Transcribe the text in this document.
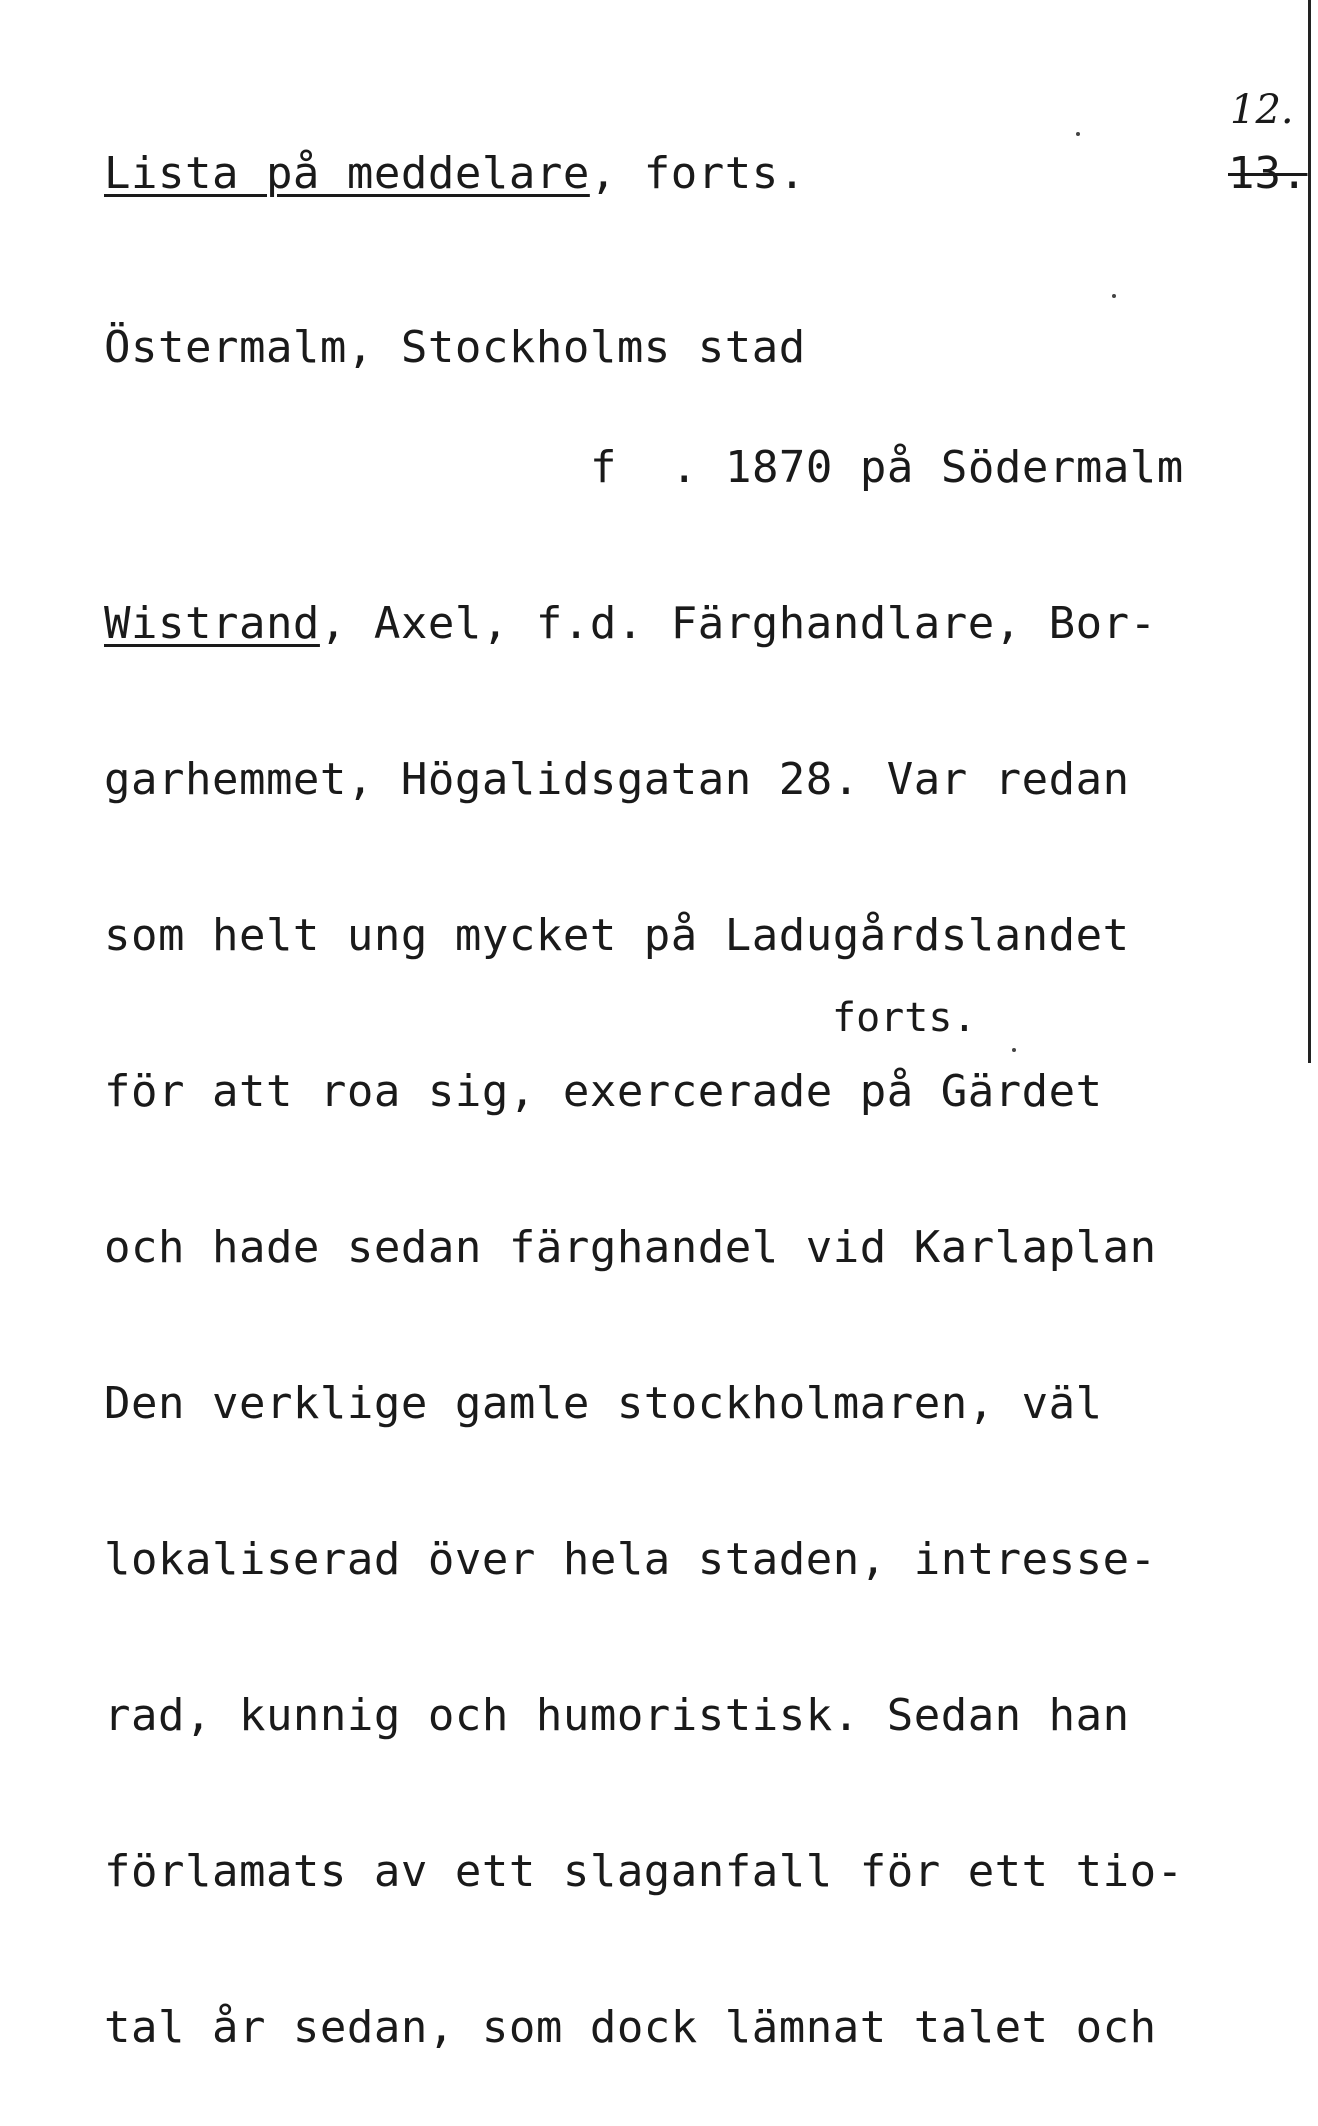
12.
13.
Lista på meddelare, forts.
Östermalm, Stockholms stad
f  . 1870 på Södermalm

Wistrand, Axel, f.d. Färghandlare, Bor-

garhemmet, Högalidsgatan 28. Var redan

som helt ung mycket på Ladugårdslandet

för att roa sig, exercerade på Gärdet

och hade sedan färghandel vid Karlaplan

Den verklige gamle stockholmaren, väl

lokaliserad över hela staden, intresse-

rad, kunnig och humoristisk. Sedan han

förlamats av ett slaganfall för ett tio-

tal år sedan, som dock lämnat talet och

forts.
